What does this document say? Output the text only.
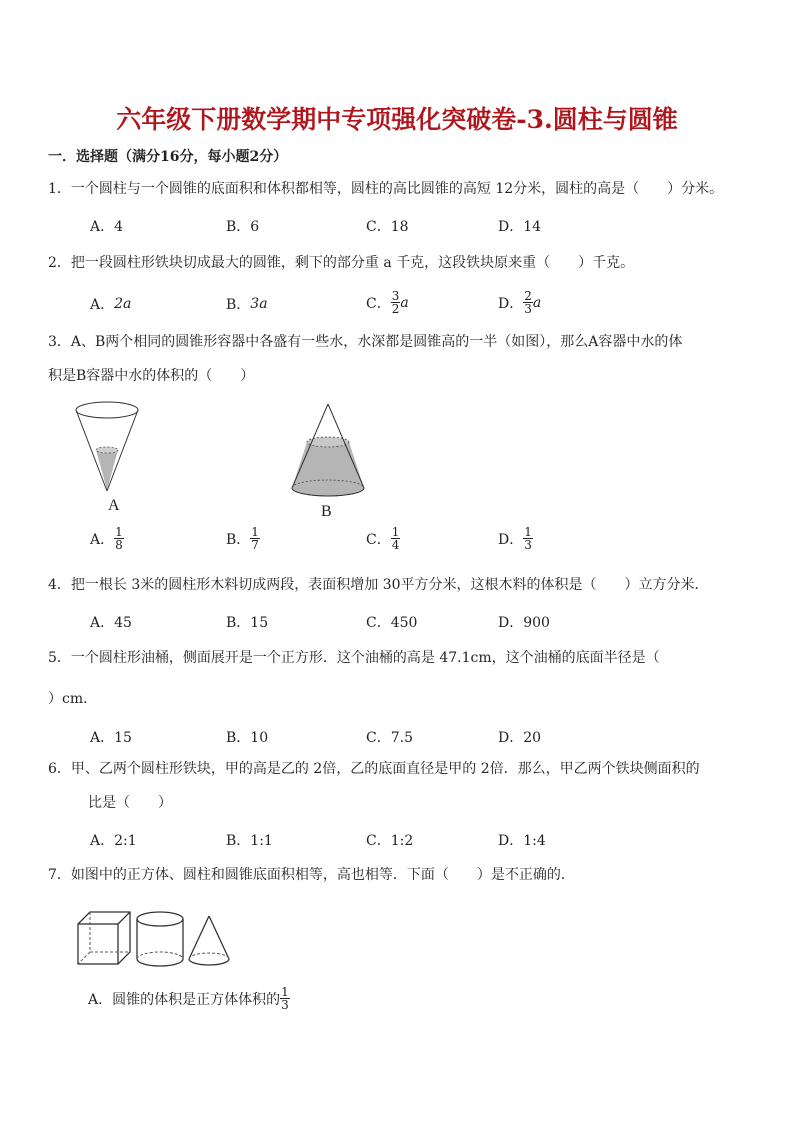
六年级下册数学期中专项强化突破卷-3.圆柱与圆锥
一．选择题（满分16分，每小题2分）
1．一个圆柱与一个圆锥的底面积和体积都相等，圆柱的高比圆锥的高短 12分米，圆柱的高是（　　）分米。
A．4	B．6	C．18	D．14
2．把一段圆柱形铁块切成最大的圆锥，剩下的部分重 a 千克，这段铁块原来重（　　）千克。
A． 2a	B． 3a	C． $\frac{3}{2}$ a	D． $\frac{2}{3}$ a
3．A、B两个相同的圆锥形容器中各盛有一些水，水深都是圆锥高的一半（如图），那么A容器中水的体
积是B容器中水的体积的（　　）
A	B
A． $\frac{1}{8}$	B． $\frac{1}{7}$	C． $\frac{1}{4}$	D． $\frac{1}{3}$
4．把一根长 3米的圆柱形木料切成两段，表面积增加 30平方分米，这根木料的体积是（　　）立方分米．
A．45	B．15	C．450	D．900
5．一个圆柱形油桶，侧面展开是一个正方形．这个油桶的高是 47.1cm，这个油桶的底面半径是（
）cm．
A．15	B．10	C．7.5	D．20
6．甲、乙两个圆柱形铁块，甲的高是乙的 2倍，乙的底面直径是甲的 2倍．那么，甲乙两个铁块侧面积的
比是（　　）
A．2:1	B．1:1	C．1:2	D．1:4
7．如图中的正方体、圆柱和圆锥底面积相等，高也相等．下面（　　）是不正确的．
A．圆锥的体积是正方体体积的 $\frac{1}{3}$
